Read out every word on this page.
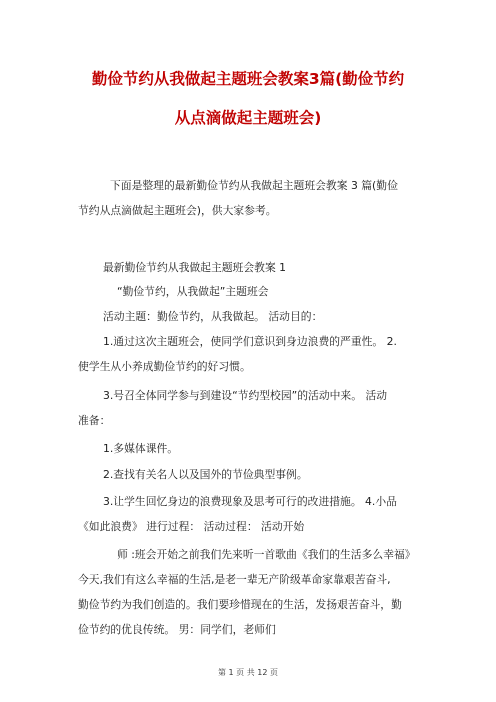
勤俭节约从我做起主题班会教案3篇(勤俭节约
从点滴做起主题班会)

下面是整理的最新勤俭节约从我做起主题班会教案 3 篇(勤俭

节约从点滴做起主题班会)，供大家参考。

最新勤俭节约从我做起主题班会教案 1

“勤俭节约，从我做起”主题班会

活动主题：勤俭节约，从我做起。 活动目的：

1.通过这次主题班会，使同学们意识到身边浪费的严重性。 2.

使学生从小养成勤俭节约的好习惯。

3.号召全体同学参与到建设“节约型校园”的活动中来。 活动

准备：

1.多媒体课件。

2.查找有关名人以及国外的节俭典型事例。

3.让学生回忆身边的浪费现象及思考可行的改进措施。 4.小品

《如此浪费》 进行过程： 活动过程： 活动开始

师 :班会开始之前我们先来听一首歌曲《我们的生活多么幸福》

今天,我们有这么幸福的生活,是老一辈无产阶级革命家靠艰苦奋斗,

勤俭节约为我们创造的。我们要珍惜现在的生活，发扬艰苦奋斗，勤

俭节约的优良传统。 男：同学们，老师们

第 1 页 共 12 页
